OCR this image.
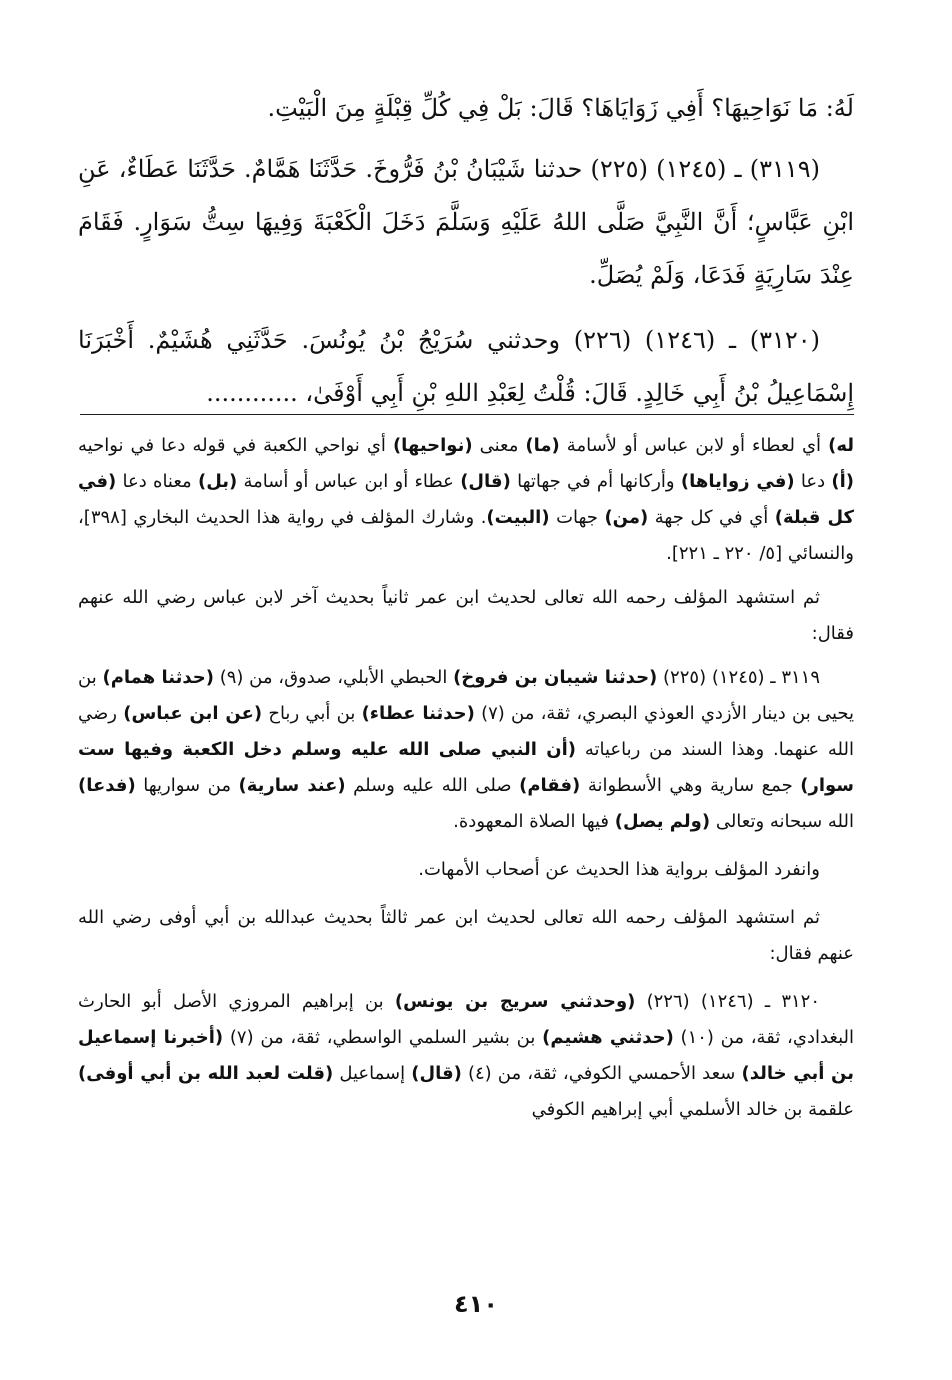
لَهُ: مَا نَوَاحِيهَا؟ أَفِي زَوَايَاهَا؟ قَالَ: بَلْ فِي كُلِّ قِبْلَةٍ مِنَ الْبَيْتِ.

(٣١١٩) ـ (١٢٤٥) (٢٢٥) حدثنا شَيْبَانُ بْنُ فَرُّوخَ. حَدَّثَنَا هَمَّامٌ. حَدَّثَنَا عَطَاءٌ، عَنِ ابْنِ عَبَّاسٍ؛ أَنَّ النَّبِيَّ صَلَّى اللهُ عَلَيْهِ وَسَلَّمَ دَخَلَ الْكَعْبَةَ وَفِيهَا سِتُّ سَوَارٍ. فَقَامَ عِنْدَ سَارِيَةٍ فَدَعَا، وَلَمْ يُصَلِّ.

(٣١٢٠) ـ (١٢٤٦) (٢٢٦) وحدثني سُرَيْجُ بْنُ يُونُسَ. حَدَّثَنِي هُشَيْمٌ. أَخْبَرَنَا إِسْمَاعِيلُ بْنُ أَبِي خَالِدٍ. قَالَ: قُلْتُ لِعَبْدِ اللهِ بْنِ أَبِي أَوْفَىٰ، ............

له) أي لعطاء أو لابن عباس أو لأسامة (ما) معنى (نواحيها) أي نواحي الكعبة في قوله دعا في نواحيه (أ) دعا (في زواياها) وأركانها أم في جهاتها (قال) عطاء أو ابن عباس أو أسامة (بل) معناه دعا (في كل قبلة) أي في كل جهة (من) جهات (البيت). وشارك المؤلف في رواية هذا الحديث البخاري [٣٩٨]، والنسائي [٥/ ٢٢٠ ـ ٢٢١].

ثم استشهد المؤلف رحمه الله تعالى لحديث ابن عمر ثانياً بحديث آخر لابن عباس رضي الله عنهم فقال:

٣١١٩ ـ (١٢٤٥) (٢٢٥) (حدثنا شيبان بن فروخ) الحبطي الأبلي، صدوق، من (٩) (حدثنا همام) بن يحيى بن دينار الأزدي العوذي البصري، ثقة، من (٧) (حدثنا عطاء) بن أبي رباح (عن ابن عباس) رضي الله عنهما. وهذا السند من رباعياته (أن النبي صلى الله عليه وسلم دخل الكعبة وفيها ست سوار) جمع سارية وهي الأسطوانة (فقام) صلى الله عليه وسلم (عند سارية) من سواريها (فدعا) الله سبحانه وتعالى (ولم يصل) فيها الصلاة المعهودة.

وانفرد المؤلف برواية هذا الحديث عن أصحاب الأمهات.

ثم استشهد المؤلف رحمه الله تعالى لحديث ابن عمر ثالثاً بحديث عبدالله بن أبي أوفى رضي الله عنهم فقال:

٣١٢٠ ـ (١٢٤٦) (٢٢٦) (وحدثني سريج بن يونس) بن إبراهيم المروزي الأصل أبو الحارث البغدادي، ثقة، من (١٠) (حدثني هشيم) بن بشير السلمي الواسطي، ثقة، من (٧) (أخبرنا إسماعيل بن أبي خالد) سعد الأحمسي الكوفي، ثقة، من (٤) (قال) إسماعيل (قلت لعبد الله بن أبي أوفى) علقمة بن خالد الأسلمي أبي إبراهيم الكوفي

٤١٠
